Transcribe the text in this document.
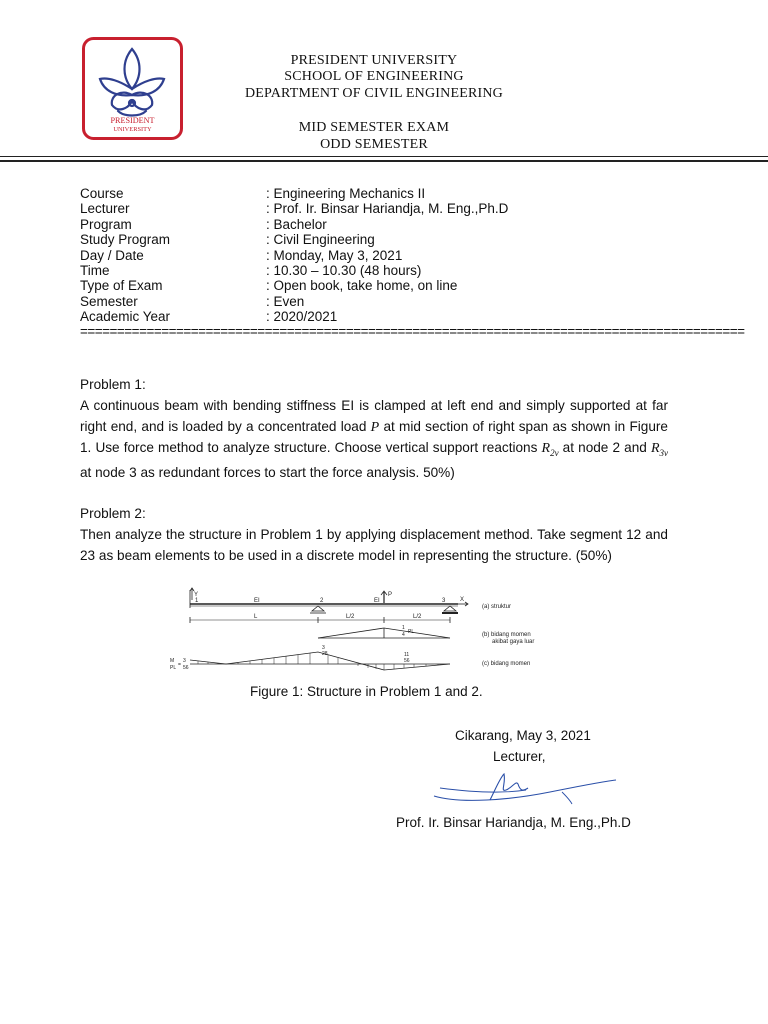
PRESIDENT
UNIVERSITY
PRESIDENT UNIVERSITY
SCHOOL OF ENGINEERING
DEPARTMENT OF CIVIL ENGINEERING
MID SEMESTER EXAM
ODD SEMESTER
Course	: Engineering Mechanics II
Lecturer	: Prof. Ir. Binsar Hariandja, M. Eng.,Ph.D
Program	: Bachelor
Study Program	: Civil Engineering
Day / Date	: Monday, May 3, 2021
Time	: 10.30 – 10.30 (48 hours)
Type of Exam	: Open book, take home, on line
Semester	: Even
Academic Year	: 2020/2021
==========================================================================================
Problem 1:
A continuous beam with bending stiffness EI is clamped at left end and simply supported at far right end, and is loaded by a concentrated load P at mid section of right span as shown in Figure 1. Use force method to analyze structure. Choose vertical support reactions $R_{2v}$ at node 2 and $R_{3v}$ at node 3 as redundant forces to start the force analysis. 50%)
Problem 2:
Then analyze the structure in Problem 1 by applying displacement method. Take segment 12 and 23 as beam elements to be used in a discrete model in representing the structure. (50%)
Y
X
1	2	3
EI	EI
P
L	L/2	L/2
1
4 PL
M
PL =
3
56
3
28	11
56
(a) struktur
(b) bidang momen
akibat gaya luar
(c) bidang momen
Figure 1: Structure in Problem 1 and 2.
Cikarang, May 3, 2021
Lecturer,
Prof. Ir. Binsar Hariandja, M. Eng.,Ph.D
